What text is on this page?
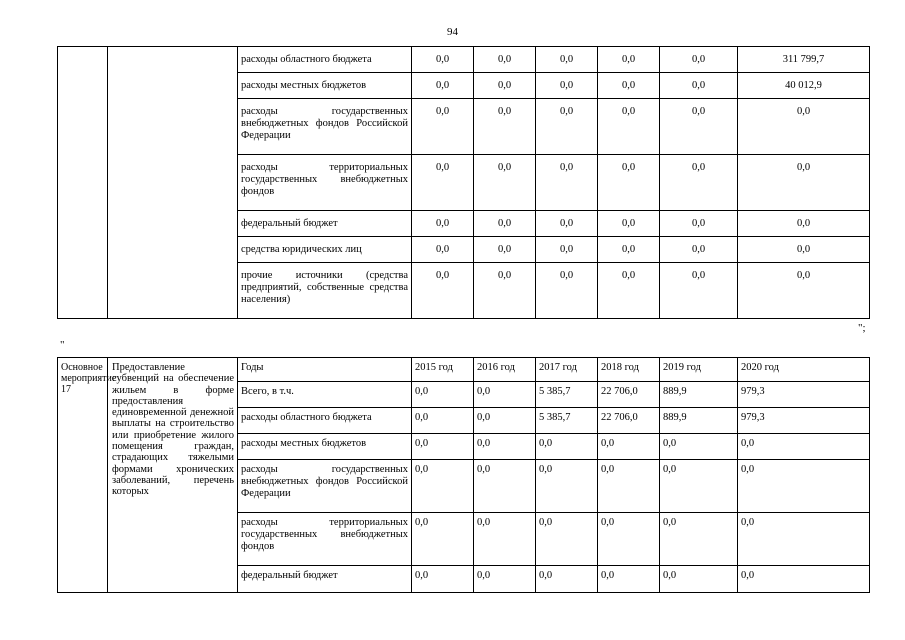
94
		расходы областного бюджета	0,0	0,0	0,0	0,0	0,0	311 799,7
		расходы местных бюджетов	0,0	0,0	0,0	0,0	0,0	40 012,9
		расходы государственных внебюджетных фондов Российской Федерации	0,0	0,0	0,0	0,0	0,0	0,0
		расходы территориальных государственных внебюджетных фондов	0,0	0,0	0,0	0,0	0,0	0,0
		федеральный бюджет	0,0	0,0	0,0	0,0	0,0	0,0
		средства юридических лиц	0,0	0,0	0,0	0,0	0,0	0,0
		прочие источники (средства предприятий, собственные средства населения)	0,0	0,0	0,0	0,0	0,0	0,0
";
"
Основное мероприятие 17	Предоставление субвенций на обеспечение жильем в форме предоставления единовременной денежной выплаты на строительство или приобретение жилого помещения граждан, страдающих тяжелыми формами хронических заболеваний, перечень которых	Годы	2015 год	2016 год	2017 год	2018 год	2019 год	2020 год
		Всего, в т.ч.	0,0	0,0	5 385,7	22 706,0	889,9	979,3
		расходы областного бюджета	0,0	0,0	5 385,7	22 706,0	889,9	979,3
		расходы местных бюджетов	0,0	0,0	0,0	0,0	0,0	0,0
		расходы государственных внебюджетных фондов Российской Федерации	0,0	0,0	0,0	0,0	0,0	0,0
		расходы территориальных государственных внебюджетных фондов	0,0	0,0	0,0	0,0	0,0	0,0
		федеральный бюджет	0,0	0,0	0,0	0,0	0,0	0,0
